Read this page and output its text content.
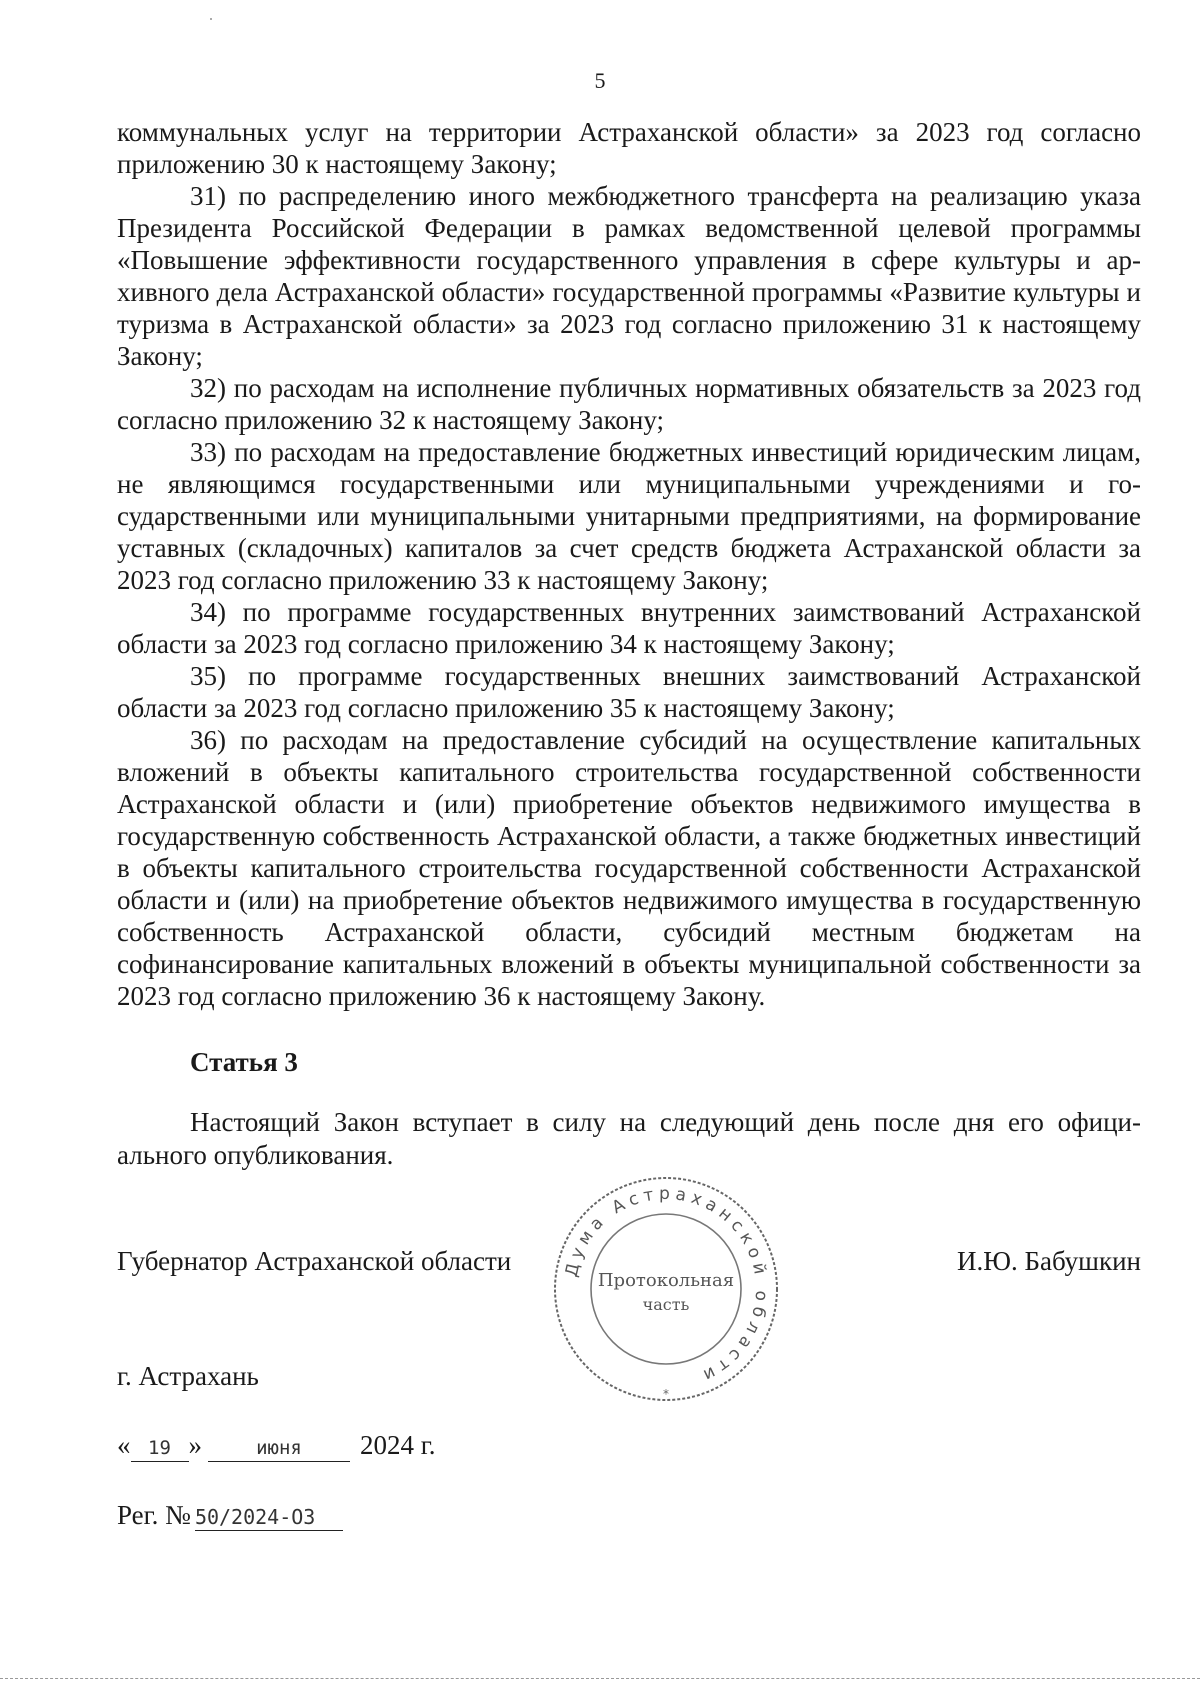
5

коммунальных услуг на территории Астраханской области» за 2023 год согласно приложению 30 к настоящему Закону;

31) по распределению иного межбюджетного трансферта на реализацию указа Президента Российской Федерации в рамках ведомственной целевой программы «Повышение эффективности государственного управления в сфере культуры и архивного дела Астраханской области» государственной программы «Развитие культуры и туризма в Астраханской области» за 2023 год согласно приложению 31 к настоящему Закону;

32) по расходам на исполнение публичных нормативных обязательств за 2023 год согласно приложению 32 к настоящему Закону;

33) по расходам на предоставление бюджетных инвестиций юридическим лицам, не являющимся государственными или муниципальными учреждениями и государственными или муниципальными унитарными предприятиями, на формирование уставных (складочных) капиталов за счет средств бюджета Астраханской области за 2023 год согласно приложению 33 к настоящему Закону;

34) по программе государственных внутренних заимствований Астраханской области за 2023 год согласно приложению 34 к настоящему Закону;

35) по программе государственных внешних заимствований Астраханской области за 2023 год согласно приложению 35 к настоящему Закону;

36) по расходам на предоставление субсидий на осуществление капитальных вложений в объекты капитального строительства государственной собственности Астраханской области и (или) приобретение объектов недвижимого имущества в государственную собственность Астраханской области, а также бюджетных инвестиций в объекты капитального строительства государственной собственности Астраханской области и (или) на приобретение объектов недвижимого имущества в государственную собственность Астраханской области, субсидий местным бюджетам на софинансирование капитальных вложений в объекты муниципальной собственности за 2023 год согласно приложению 36 к настоящему Закону.

Статья 3

Настоящий Закон вступает в силу на следующий день после дня его официального опубликования.

Губернатор Астраханской области	Дума Астраханской области
Протокольная
часть
*
И.Ю. Бабушкин
г. Астрахань
« 19 »	июня 2024 г.
Рег. № 50/2024-ОЗ
